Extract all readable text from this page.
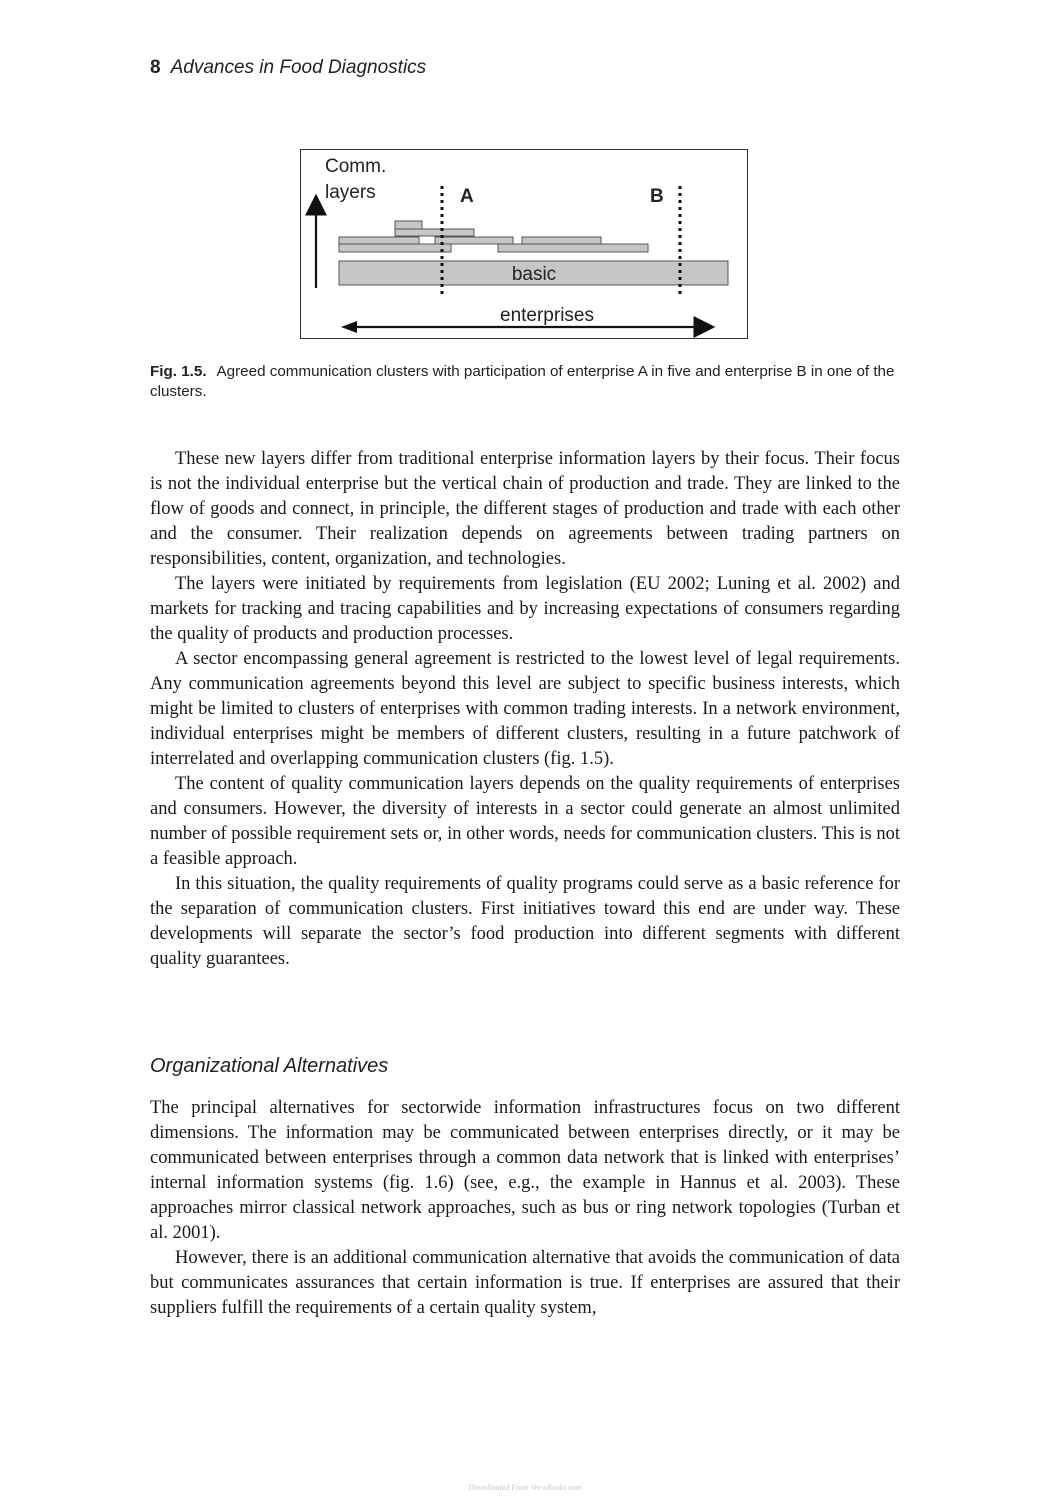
8 Advances in Food Diagnostics
Comm.
layers
basic
A	B
enterprises
Fig. 1.5. Agreed communication clusters with participation of enterprise A in five and enterprise B in one of the clusters.

These new layers differ from traditional enterprise information layers by their focus. Their focus is not the individual enterprise but the vertical chain of production and trade. They are linked to the flow of goods and connect, in principle, the different stages of production and trade with each other and the consumer. Their realization depends on agreements between trading partners on responsibilities, content, organization, and technologies.

The layers were initiated by requirements from legislation (EU 2002; Luning et al. 2002) and markets for tracking and tracing capabilities and by increasing expectations of consumers regarding the quality of products and production processes.

A sector encompassing general agreement is restricted to the lowest level of legal requirements. Any communication agreements beyond this level are subject to specific business interests, which might be limited to clusters of enterprises with common trading interests. In a network environment, individual enterprises might be members of different clusters, resulting in a future patchwork of interrelated and overlapping communication clusters (fig. 1.5).

The content of quality communication layers depends on the quality requirements of enterprises and consumers. However, the diversity of interests in a sector could generate an almost unlimited number of possible requirement sets or, in other words, needs for communication clusters. This is not a feasible approach.

In this situation, the quality requirements of quality programs could serve as a basic reference for the separation of communication clusters. First initiatives toward this end are under way. These developments will separate the sector’s food production into different segments with different quality guarantees.

Organizational Alternatives

The principal alternatives for sectorwide information infrastructures focus on two different dimensions. The information may be communicated between enterprises directly, or it may be communicated between enterprises through a common data network that is linked with enterprises’ internal information systems (fig. 1.6) (see, e.g., the example in Hannus et al. 2003). These approaches mirror classical network approaches, such as bus or ring network topologies (Turban et al. 2001).

However, there is an additional communication alternative that avoids the communication of data but communicates assurances that certain information is true. If enterprises are assured that their suppliers fulfill the requirements of a certain quality system,

Downloaded From Vet-eBooks.com
